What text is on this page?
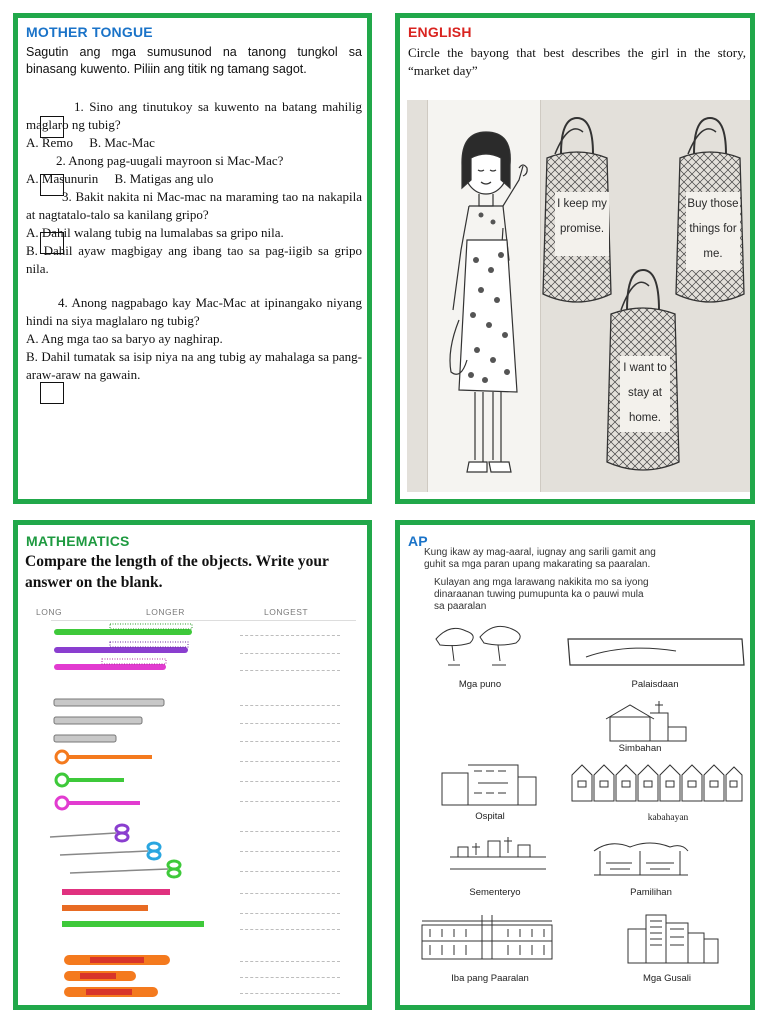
MOTHER TONGUE
Sagutin ang mga sumusunod na tanong tungkol sa binasang kuwento. Piliin ang titik ng tamang sagot.
1. Sino ang tinutukoy sa kuwento na batang mahilig maglaro ng tubig?
A. Remo     B. Mac-Mac
2. Anong pag-uugali mayroon si Mac-Mac?
A. Masunurin     B. Matigas ang ulo
3. Bakit nakita ni Mac-mac na maraming tao na nakapila at nagtatalo-talo sa kanilang gripo?
A. Dahil walang tubig na lumalabas sa gripo nila.
B. Dahil ayaw magbigay ang ibang tao sa pag-iigib sa gripo nila.
4. Anong nagpabago kay Mac-Mac at ipinangako niyang hindi na siya maglalaro ng tubig?
A. Ang mga tao sa baryo ay naghirap.
B. Dahil tumatak sa isip niya na ang tubig ay mahalaga sa pang-araw-araw na gawain.
ENGLISH
Circle the bayong that best describes the girl in the story, “market day”
I keep my promise.
Buy those things for me.
I want to stay at home.
MATHEMATICS
Compare the length of the objects. Write your answer on the blank.
LONG	LONGER	LONGEST
AP
Kung ikaw ay mag-aaral, iugnay ang sarili gamit ang
guhit sa mga paran upang makarating sa paaralan.
Kulayan ang mga larawang nakikita mo sa iyong
dinaraanan tuwing pumupunta ka o pauwi mula
sa paaralan
Mga puno	Palaisdaan
Simbahan
Ospital	kabahayan
Sementeryo	Pamilihan
Iba pang Paaralan	Mga Gusali
